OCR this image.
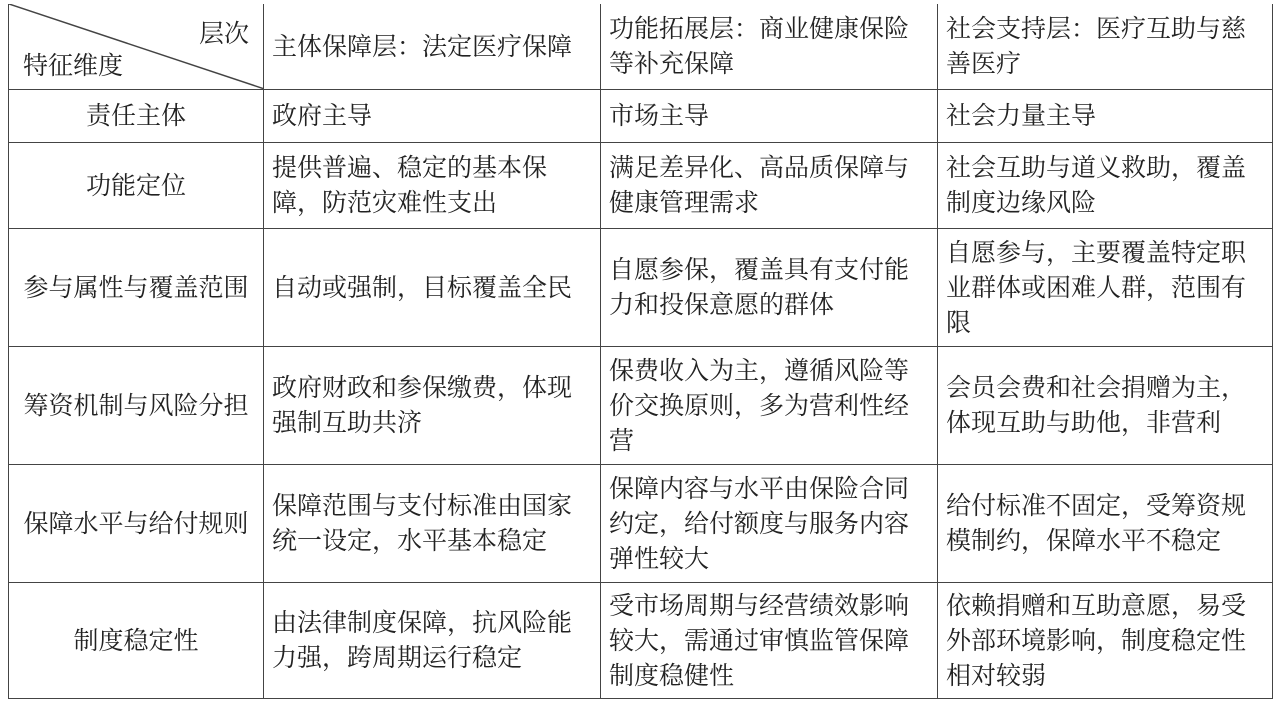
层次
特征维度	主体保障层：法定医疗保障	功能拓展层：商业健康保险等补充保障	社会支持层：医疗互助与慈善医疗
责任主体	政府主导	市场主导	社会力量主导
功能定位	提供普遍、稳定的基本保障，防范灾难性支出	满足差异化、高品质保障与健康管理需求	社会互助与道义救助，覆盖制度边缘风险
参与属性与覆盖范围	自动或强制，目标覆盖全民	自愿参保，覆盖具有支付能力和投保意愿的群体	自愿参与，主要覆盖特定职业群体或困难人群，范围有限
筹资机制与风险分担	政府财政和参保缴费，体现强制互助共济	保费收入为主，遵循风险等价交换原则，多为营利性经营	会员会费和社会捐赠为主，体现互助与助他，非营利
保障水平与给付规则	保障范围与支付标准由国家统一设定，水平基本稳定	保障内容与水平由保险合同约定，给付额度与服务内容弹性较大	给付标准不固定，受筹资规模制约，保障水平不稳定
制度稳定性	由法律制度保障，抗风险能力强，跨周期运行稳定	受市场周期与经营绩效影响较大，需通过审慎监管保障制度稳健性	依赖捐赠和互助意愿，易受外部环境影响，制度稳定性相对较弱
